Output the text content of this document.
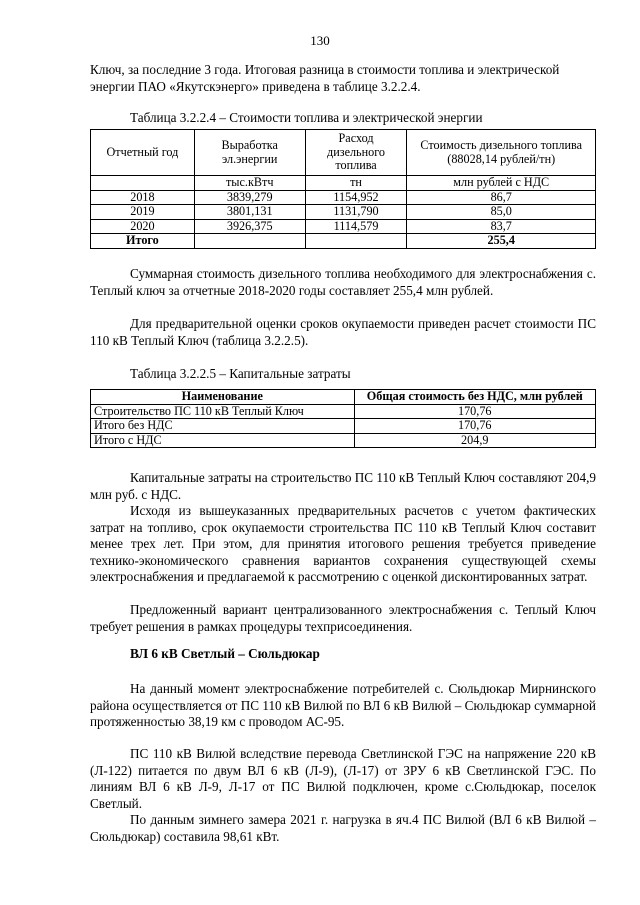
130

Ключ, за последние 3 года. Итоговая разница в стоимости топлива и электрической
энергии ПАО «Якутскэнерго» приведена в таблице 3.2.2.4.

Таблица 3.2.2.4 – Стоимости топлива и электрической энергии

Отчетный год	Выработка эл.энергии	Расход дизельного топлива	Стоимость дизельного топлива (88028,14 рублей/тн)
	тыс.кВтч	тн	млн рублей с НДС
2018	3839,279	1154,952	86,7
2019	3801,131	1131,790	85,0
2020	3926,375	1114,579	83,7
Итого			255,4

Суммарная стоимость дизельного топлива необходимого для электроснабжения с. Теплый ключ за отчетные 2018-2020 годы составляет 255,4 млн рублей.

Для предварительной оценки сроков окупаемости приведен расчет стоимости ПС 110 кВ Теплый Ключ (таблица 3.2.2.5).

Таблица 3.2.2.5 – Капитальные затраты

Наименование	Общая стоимость без НДС, млн рублей
Строительство ПС 110 кВ Теплый Ключ	170,76
Итого без НДС	170,76
Итого с НДС	204,9

Капитальные затраты на строительство ПС 110 кВ Теплый Ключ составляют 204,9 млн руб. с НДС.

Исходя из вышеуказанных предварительных расчетов с учетом фактических затрат на топливо, срок окупаемости строительства ПС 110 кВ Теплый Ключ составит менее трех лет. При этом, для принятия итогового решения требуется приведение технико-экономического сравнения вариантов сохранения существующей схемы электроснабжения и предлагаемой к рассмотрению с оценкой дисконтированных затрат.

Предложенный вариант централизованного электроснабжения с. Теплый Ключ требует решения в рамках процедуры техприсоединения.

ВЛ 6 кВ Светлый – Сюльдюкар

На данный момент электроснабжение потребителей с. Сюльдюкар Мирнинского района осуществляется от ПС 110 кВ Вилюй по ВЛ 6 кВ Вилюй – Сюльдюкар суммарной протяженностью 38,19 км с проводом АС-95.

ПС 110 кВ Вилюй вследствие перевода Светлинской ГЭС на напряжение 220 кВ (Л-122) питается по двум ВЛ 6 кВ (Л-9), (Л-17) от ЗРУ 6 кВ Светлинской ГЭС. По линиям ВЛ 6 кВ Л-9, Л-17 от ПС Вилюй подключен, кроме с.Сюльдюкар, поселок Светлый.

По данным зимнего замера 2021 г. нагрузка в яч.4 ПС Вилюй (ВЛ 6 кВ Вилюй – Сюльдюкар) составила 98,61 кВт.
